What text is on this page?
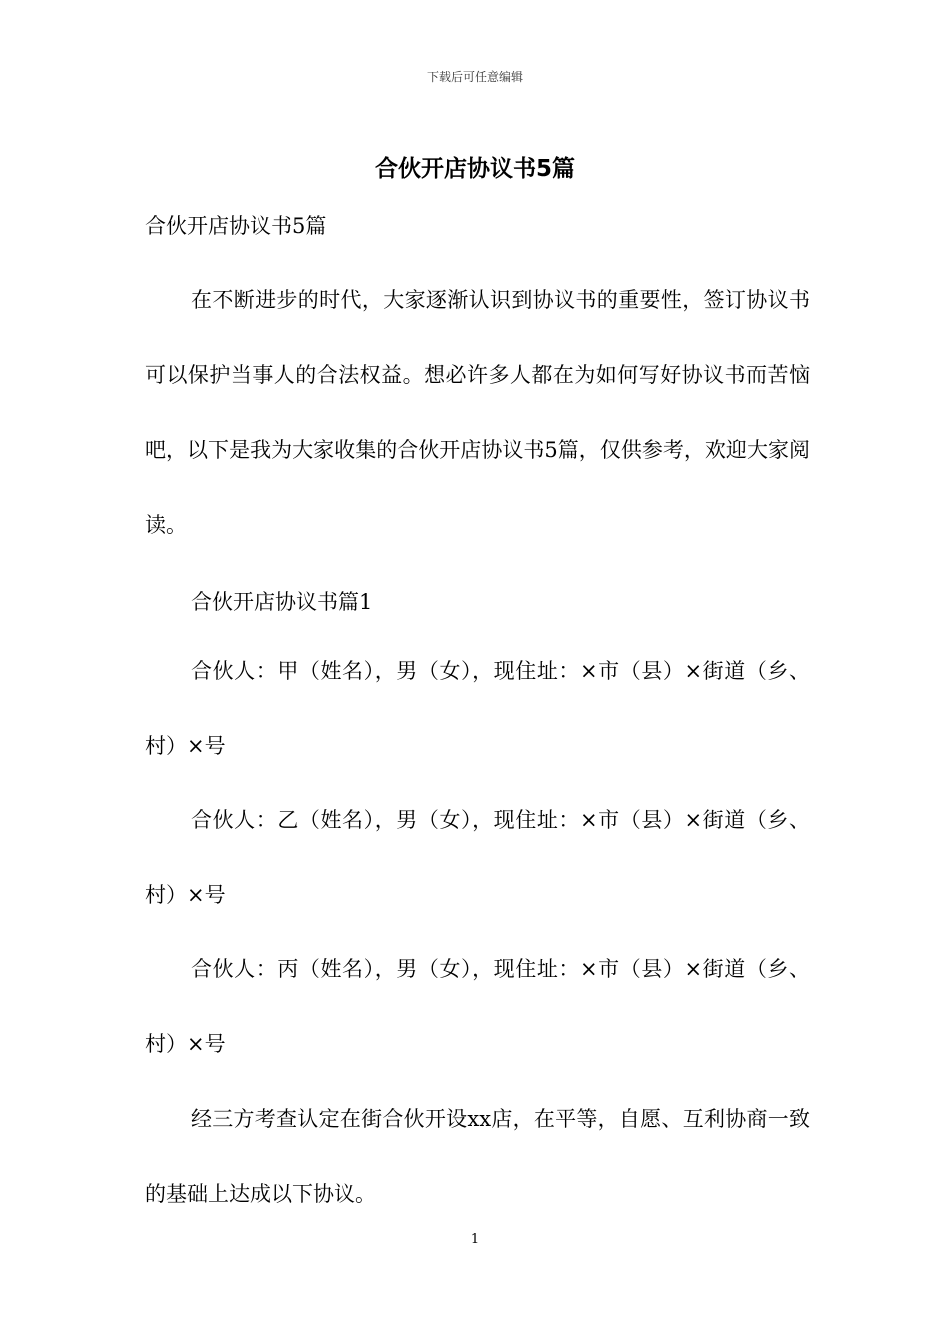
下载后可任意编辑
合伙开店协议书5篇
合伙开店协议书5篇

在不断进步的时代，大家逐渐认识到协议书的重要性，签订协议书可以保护当事人的合法权益。想必许多人都在为如何写好协议书而苦恼吧，以下是我为大家收集的合伙开店协议书5篇，仅供参考，欢迎大家阅读。

合伙开店协议书篇1

合伙人：甲（姓名），男（女），现住址：×市（县）×街道（乡、村）×号

合伙人：乙（姓名），男（女），现住址：×市（县）×街道（乡、村）×号

合伙人：丙（姓名），男（女），现住址：×市（县）×街道（乡、村）×号

经三方考查认定在街合伙开设xx店，在平等，自愿、互利协商一致的基础上达成以下协议。

1
